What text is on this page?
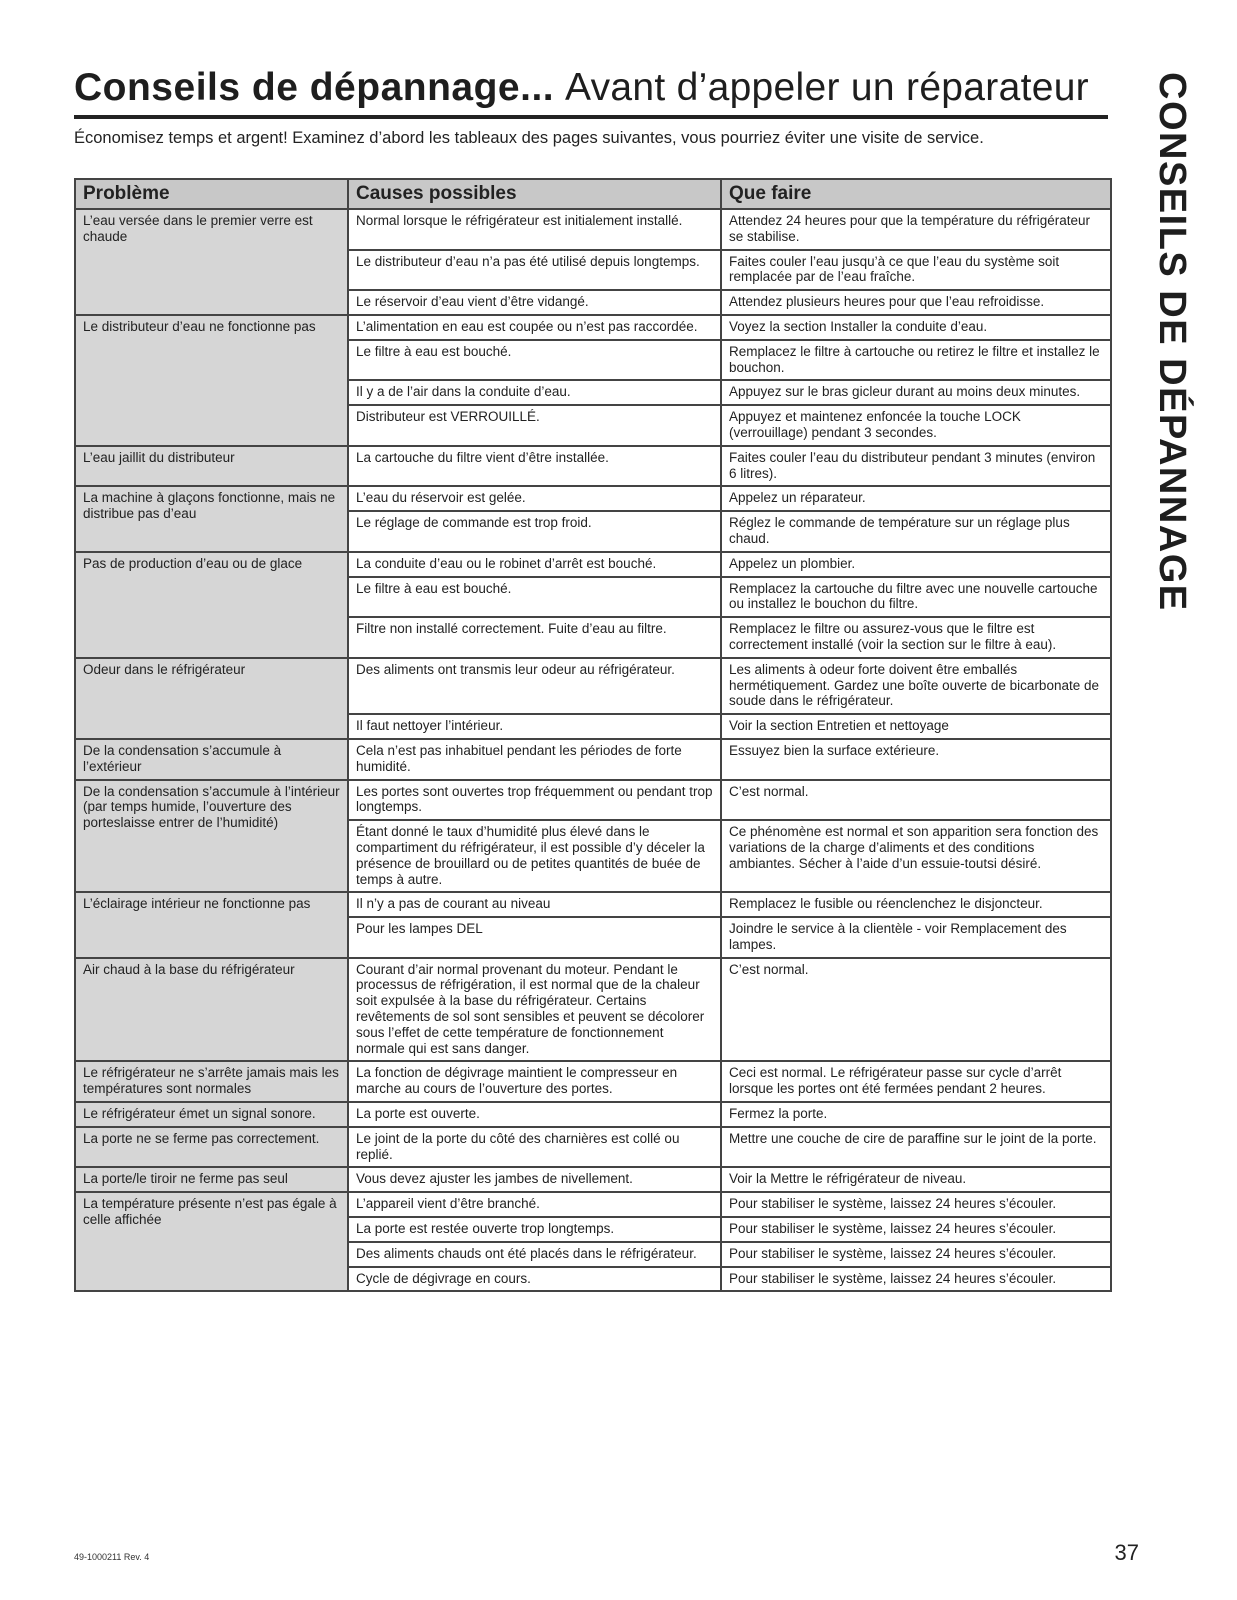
Conseils de dépannage... Avant d’appeler un réparateur
Économisez temps et argent! Examinez d’abord les tableaux des pages suivantes, vous pourriez éviter une visite de service.	CONSEILS DE DÉPANNAGE
Problème	Causes possibles	Que faire
L’eau versée dans le premier verre est chaude	Normal lorsque le réfrigérateur est initialement installé.	Attendez 24 heures pour que la température du réfrigérateur se stabilise.
	Le distributeur d’eau n’a pas été utilisé depuis longtemps.	Faites couler l’eau jusqu’à ce que l’eau du système soit remplacée par de l’eau fraîche.
	Le réservoir d’eau vient d’être vidangé.	Attendez plusieurs heures pour que l’eau refroidisse.
Le distributeur d’eau ne fonctionne pas	L’alimentation en eau est coupée ou n’est pas raccordée.	Voyez la section Installer la conduite d’eau.
	Le filtre à eau est bouché.	Remplacez le filtre à cartouche ou retirez le filtre et installez le bouchon.
	Il y a de l’air dans la conduite d’eau.	Appuyez sur le bras gicleur durant au moins deux minutes.
	Distributeur est VERROUILLÉ.	Appuyez et maintenez enfoncée la touche LOCK (verrouillage) pendant 3 secondes.
L’eau jaillit du distributeur	La cartouche du filtre vient d’être installée.	Faites couler l’eau du distributeur pendant 3 minutes (environ 6 litres).
La machine à glaçons fonctionne, mais ne distribue pas d’eau	L’eau du réservoir est gelée.	Appelez un réparateur.
	Le réglage de commande est trop froid.	Réglez le commande de température sur un réglage plus chaud.
Pas de production d’eau ou de glace	La conduite d’eau ou le robinet d’arrêt est bouché.	Appelez un plombier.
	Le filtre à eau est bouché.	Remplacez la cartouche du filtre avec une nouvelle cartouche ou installez le bouchon du filtre.
	Filtre non installé correctement. Fuite d’eau au filtre.	Remplacez le filtre ou assurez-vous que le filtre est correctement installé (voir la section sur le filtre à eau).
Odeur dans le réfrigérateur	Des aliments ont transmis leur odeur au réfrigérateur.	Les aliments à odeur forte doivent être emballés hermétiquement. Gardez une boîte ouverte de bicarbonate de soude dans le réfrigérateur.
	Il faut nettoyer l’intérieur.	Voir la section Entretien et nettoyage
De la condensation s’accumule à l’extérieur	Cela n’est pas inhabituel pendant les périodes de forte humidité.	Essuyez bien la surface extérieure.
De la condensation s’accumule à l’intérieur (par temps humide, l’ouverture des porteslaisse entrer de l’humidité)	Les portes sont ouvertes trop fréquemment ou pendant trop longtemps.	C’est normal.
	Étant donné le taux d’humidité plus élevé dans le compartiment du réfrigérateur, il est possible d’y déceler la présence de brouillard ou de petites quantités de buée de temps à autre.	Ce phénomène est normal et son apparition sera fonction des variations de la charge d’aliments et des conditions ambiantes. Sécher à l’aide d’un essuie-toutsi désiré.
L’éclairage intérieur ne fonctionne pas	Il n’y a pas de courant au niveau	Remplacez le fusible ou réenclenchez le disjoncteur.
	Pour les lampes DEL	Joindre le service à la clientèle - voir Remplacement des lampes.
Air chaud à la base du réfrigérateur	Courant d’air normal provenant du moteur. Pendant le processus de réfrigération, il est normal que de la chaleur soit expulsée à la base du réfrigérateur. Certains revêtements de sol sont sensibles et peuvent se décolorer sous l’effet de cette température de fonctionnement normale qui est sans danger.	C’est normal.
Le réfrigérateur ne s’arrête jamais mais les températures sont normales	La fonction de dégivrage maintient le compresseur en marche au cours de l’ouverture des portes.	Ceci est normal. Le réfrigérateur passe sur cycle d’arrêt lorsque les portes ont été fermées pendant 2 heures.
Le réfrigérateur émet un signal sonore.	La porte est ouverte.	Fermez la porte.
La porte ne se ferme pas correctement.	Le joint de la porte du côté des charnières est collé ou replié.	Mettre une couche de cire de paraffine sur le joint de la porte.
La porte/le tiroir ne ferme pas seul	Vous devez ajuster les jambes de nivellement.	Voir la Mettre le réfrigérateur de niveau.
La température présente n’est pas égale à celle affichée	L’appareil vient d’être branché.	Pour stabiliser le système, laissez 24 heures s’écouler.
	La porte est restée ouverte trop longtemps.	Pour stabiliser le système, laissez 24 heures s’écouler.
	Des aliments chauds ont été placés dans le réfrigérateur.	Pour stabiliser le système, laissez 24 heures s’écouler.
	Cycle de dégivrage en cours.	Pour stabiliser le système, laissez 24 heures s’écouler.
49-1000211 Rev. 4	37
